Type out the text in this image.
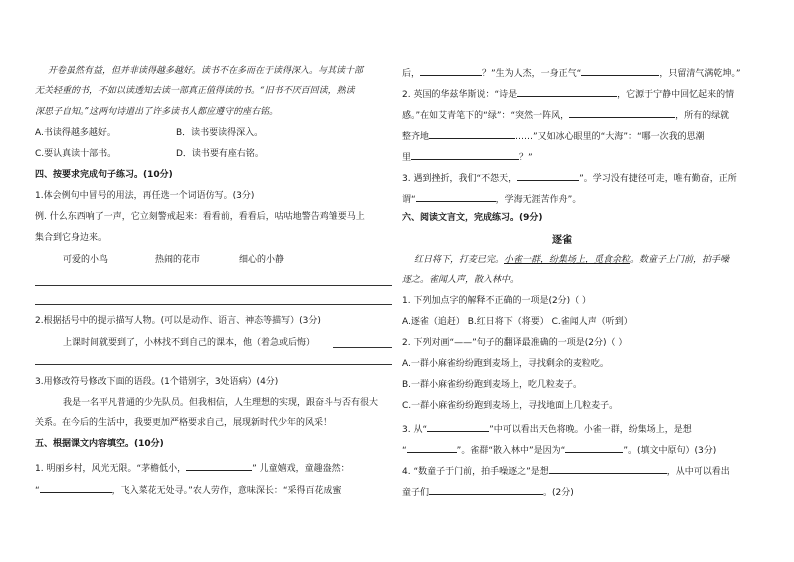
开卷虽然有益，但并非读得越多越好。读书不在多而在于读得深入。与其读十部
无关轻重的书，不如以读透知去读一部真正值得读的书。“旧书不厌百回读，熟读
深思子自知。”这两句诗道出了许多读书人都应遵守的座右铭。
A.书读得越多越好。	B．读书要读得深入。
C.要认真读十部书。	D．读书要有座右铭。
四、按要求完成句子练习。(10分)
1.体会例句中冒号的用法，再任选一个词语仿写。(3分)
例. 什么东西响了一声，它立刻警戒起来：看看前，看看后，咕咕地警告鸡雏要马上
集合到它身边来。
可爱的小鸟	热闹的花市	细心的小静
2.根据括号中的提示描写人物。(可以是动作、语言、神态等描写）(3分)
上课时间就要到了，小林找不到自己的课本，他（着急或后悔）
3.用修改符号修改下面的语段。(1个错别字，3处语病）(4分)
我是一名平凡普通的少先队员。但我相信，人生理想的实现，跟奋斗与否有很大
关系。在今后的生活中，我要更加严格要求自己，展现新时代少年的风采！
五、根据课文内容填空。(10分)
1. 明丽乡村，风光无限。“茅檐低小，	” 儿童嬉戏，童趣盎然：
“	，飞入菜花无处寻。”农人劳作，意味深长：“采得百花成蜜
后，	？”生为人杰，一身正气“	，只留清气满乾坤。”
2. 英国的华兹华斯说：“诗是	，它源于宁静中回忆起来的情
感。”在如艾青笔下的“绿”：“突然一阵风，	，所有的绿就
整齐地	……”又如冰心眼里的“大海”：“哪一次我的思潮
里	？”
3. 遇到挫折，我们“不怨天，	”。学习没有捷径可走，唯有勤奋，正所
谓“	，学海无涯苦作舟”。
六、阅读文言文，完成练习。(9分)
逐雀
红日将下，打麦已完。小雀一群，纷集场上，觅食余粒。数童子上门前，拍手噪
逐之。雀闻人声，散入林中。
1. 下列加点字的解释不正确的一项是(2分)（ ）
A.逐雀（追赶） B.红日将下（将要） C.雀闻人声（听到）
2. 下列对画“——”句子的翻译最准确的一项是(2分)（ ）
A.一群小麻雀纷纷跑到麦场上，寻找剩余的麦粒吃。
B.一群小麻雀纷纷跑到麦场上，吃几粒麦子。
C.一群小麻雀纷纷跑到麦场上，寻找地面上几粒麦子。
3. 从“	”中可以看出天色将晚。小雀一群，纷集场上，是想
“	”。雀群“散入林中”是因为“	”。(填文中原句）(3分)
4. “数童子于门前，拍手噪逐之”是想	，从中可以看出
童子们	。(2分)
